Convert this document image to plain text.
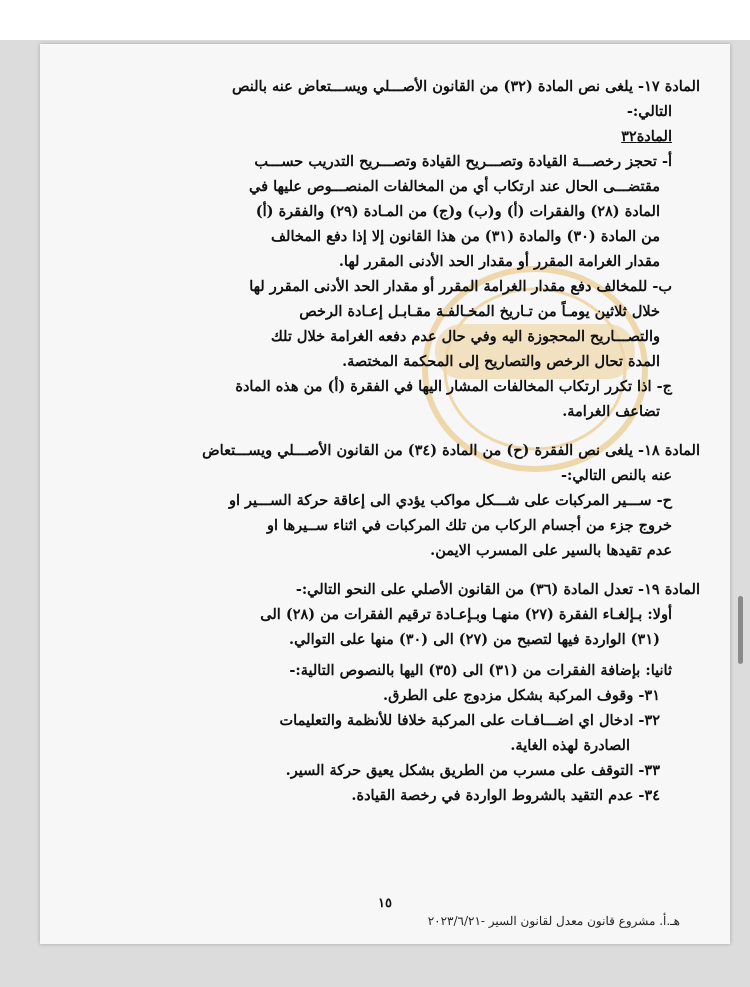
المادة ١٧- يلغى نص المادة (٣٢) من القانون الأصـــلي ويســـتعاض عنه بالنص

التالي:-

المادة٣٢

أ- تحجز رخصـــة القيادة وتصـــريح القيادة وتصـــريح التدريب حســـب

مقتضـــى الحال عند ارتكاب أي من المخالفات المنصـــوص عليها في

المادة (٢٨) والفقرات (أ) و(ب) و(ج) من المـادة (٢٩) والفقرة (أ)

من المادة (٣٠) والمادة (٣١) من هذا القانون إلا إذا دفع المخالف

مقدار الغرامة المقرر أو مقدار الحد الأدنى المقرر لها.

ب- للمخالف دفع مقدار الغرامة المقرر أو مقدار الحد الأدنى المقرر لها

خلال ثلاثين يومـاً من تـاريخ المخـالفـة مقـابـل إعـادة الرخص

والتصـــاريح المحجوزة اليه وفي حال عدم دفعه الغرامة خلال تلك

المدة تحال الرخص والتصاريح إلى المحكمة المختصة.

ج- اذا تكرر ارتكاب المخالفات المشار اليها في الفقرة (أ) من هذه المادة

تضاعف الغرامة.

المادة ١٨- يلغى نص الفقرة (ح) من المادة (٣٤) من القانون الأصـــلي ويســـتعاض

عنه بالنص التالي:-

ح- ســـير المركبات على شـــكل مواكب يؤدي الى إعاقة حركة الســـير او

خروج جزء من أجسام الركاب من تلك المركبات في اثناء ســيرها او

عدم تقيدها بالسير على المسرب الايمن.

المادة ١٩- تعدل المادة (٣٦) من القانون الأصلي على النحو التالي:-

أولا: بـإلغـاء الفقرة (٢٧) منهـا وبـإعـادة ترقيم الفقرات من (٢٨) الى

(٣١) الواردة فيها لتصبح من (٢٧) الى (٣٠) منها على التوالي.

ثانيا: بإضافة الفقرات من (٣١) الى (٣٥) اليها بالنصوص التالية:-

٣١- وقوف المركبة بشكل مزدوج على الطرق.

٣٢- ادخال اي اضـــافـات على المركبة خلافا للأنظمة والتعليمات

الصادرة لهذه الغاية.

٣٣- التوقف على مسرب من الطريق بشكل يعيق حركة السير.

٣٤- عدم التقيد بالشروط الواردة في رخصة القيادة.

١٥
هـ.أ. مشروع قانون معدل لقانون السير -٢٠٢٣/٦/٢١
